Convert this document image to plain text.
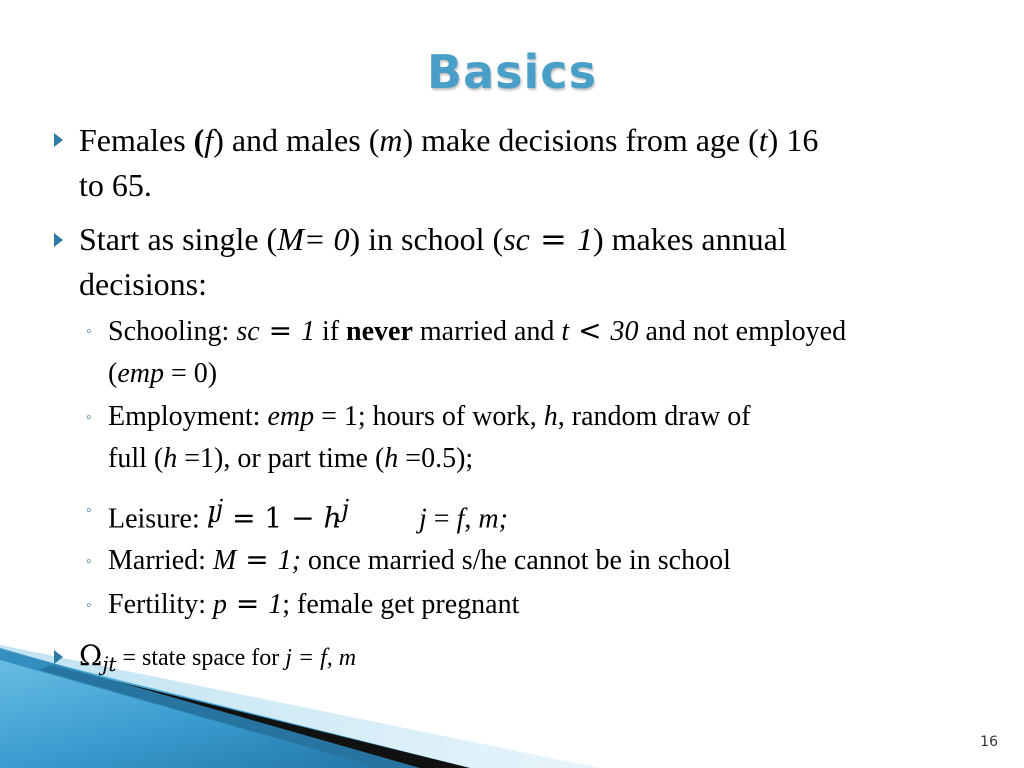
Basics
Females (f) and males (m) make decisions from age (t) 16
to 65.
Start as single (M= 0) in school (sc = 1) makes annual
decisions:
◦ Schooling: sc = 1 if never married and t < 30 and not employed
(emp = 0)
◦ Employment: emp = 1; hours of work, h, random draw of
full (h =1), or part time (h =0.5);
◦ Leisure: $l^j = 1 - h^j$	j = f, m;
◦ Married: M = 1; once married s/he cannot be in school
◦ Fertility: p = 1; female get pregnant
$\Omega_{jt}$ = state space for j = f, m
16
